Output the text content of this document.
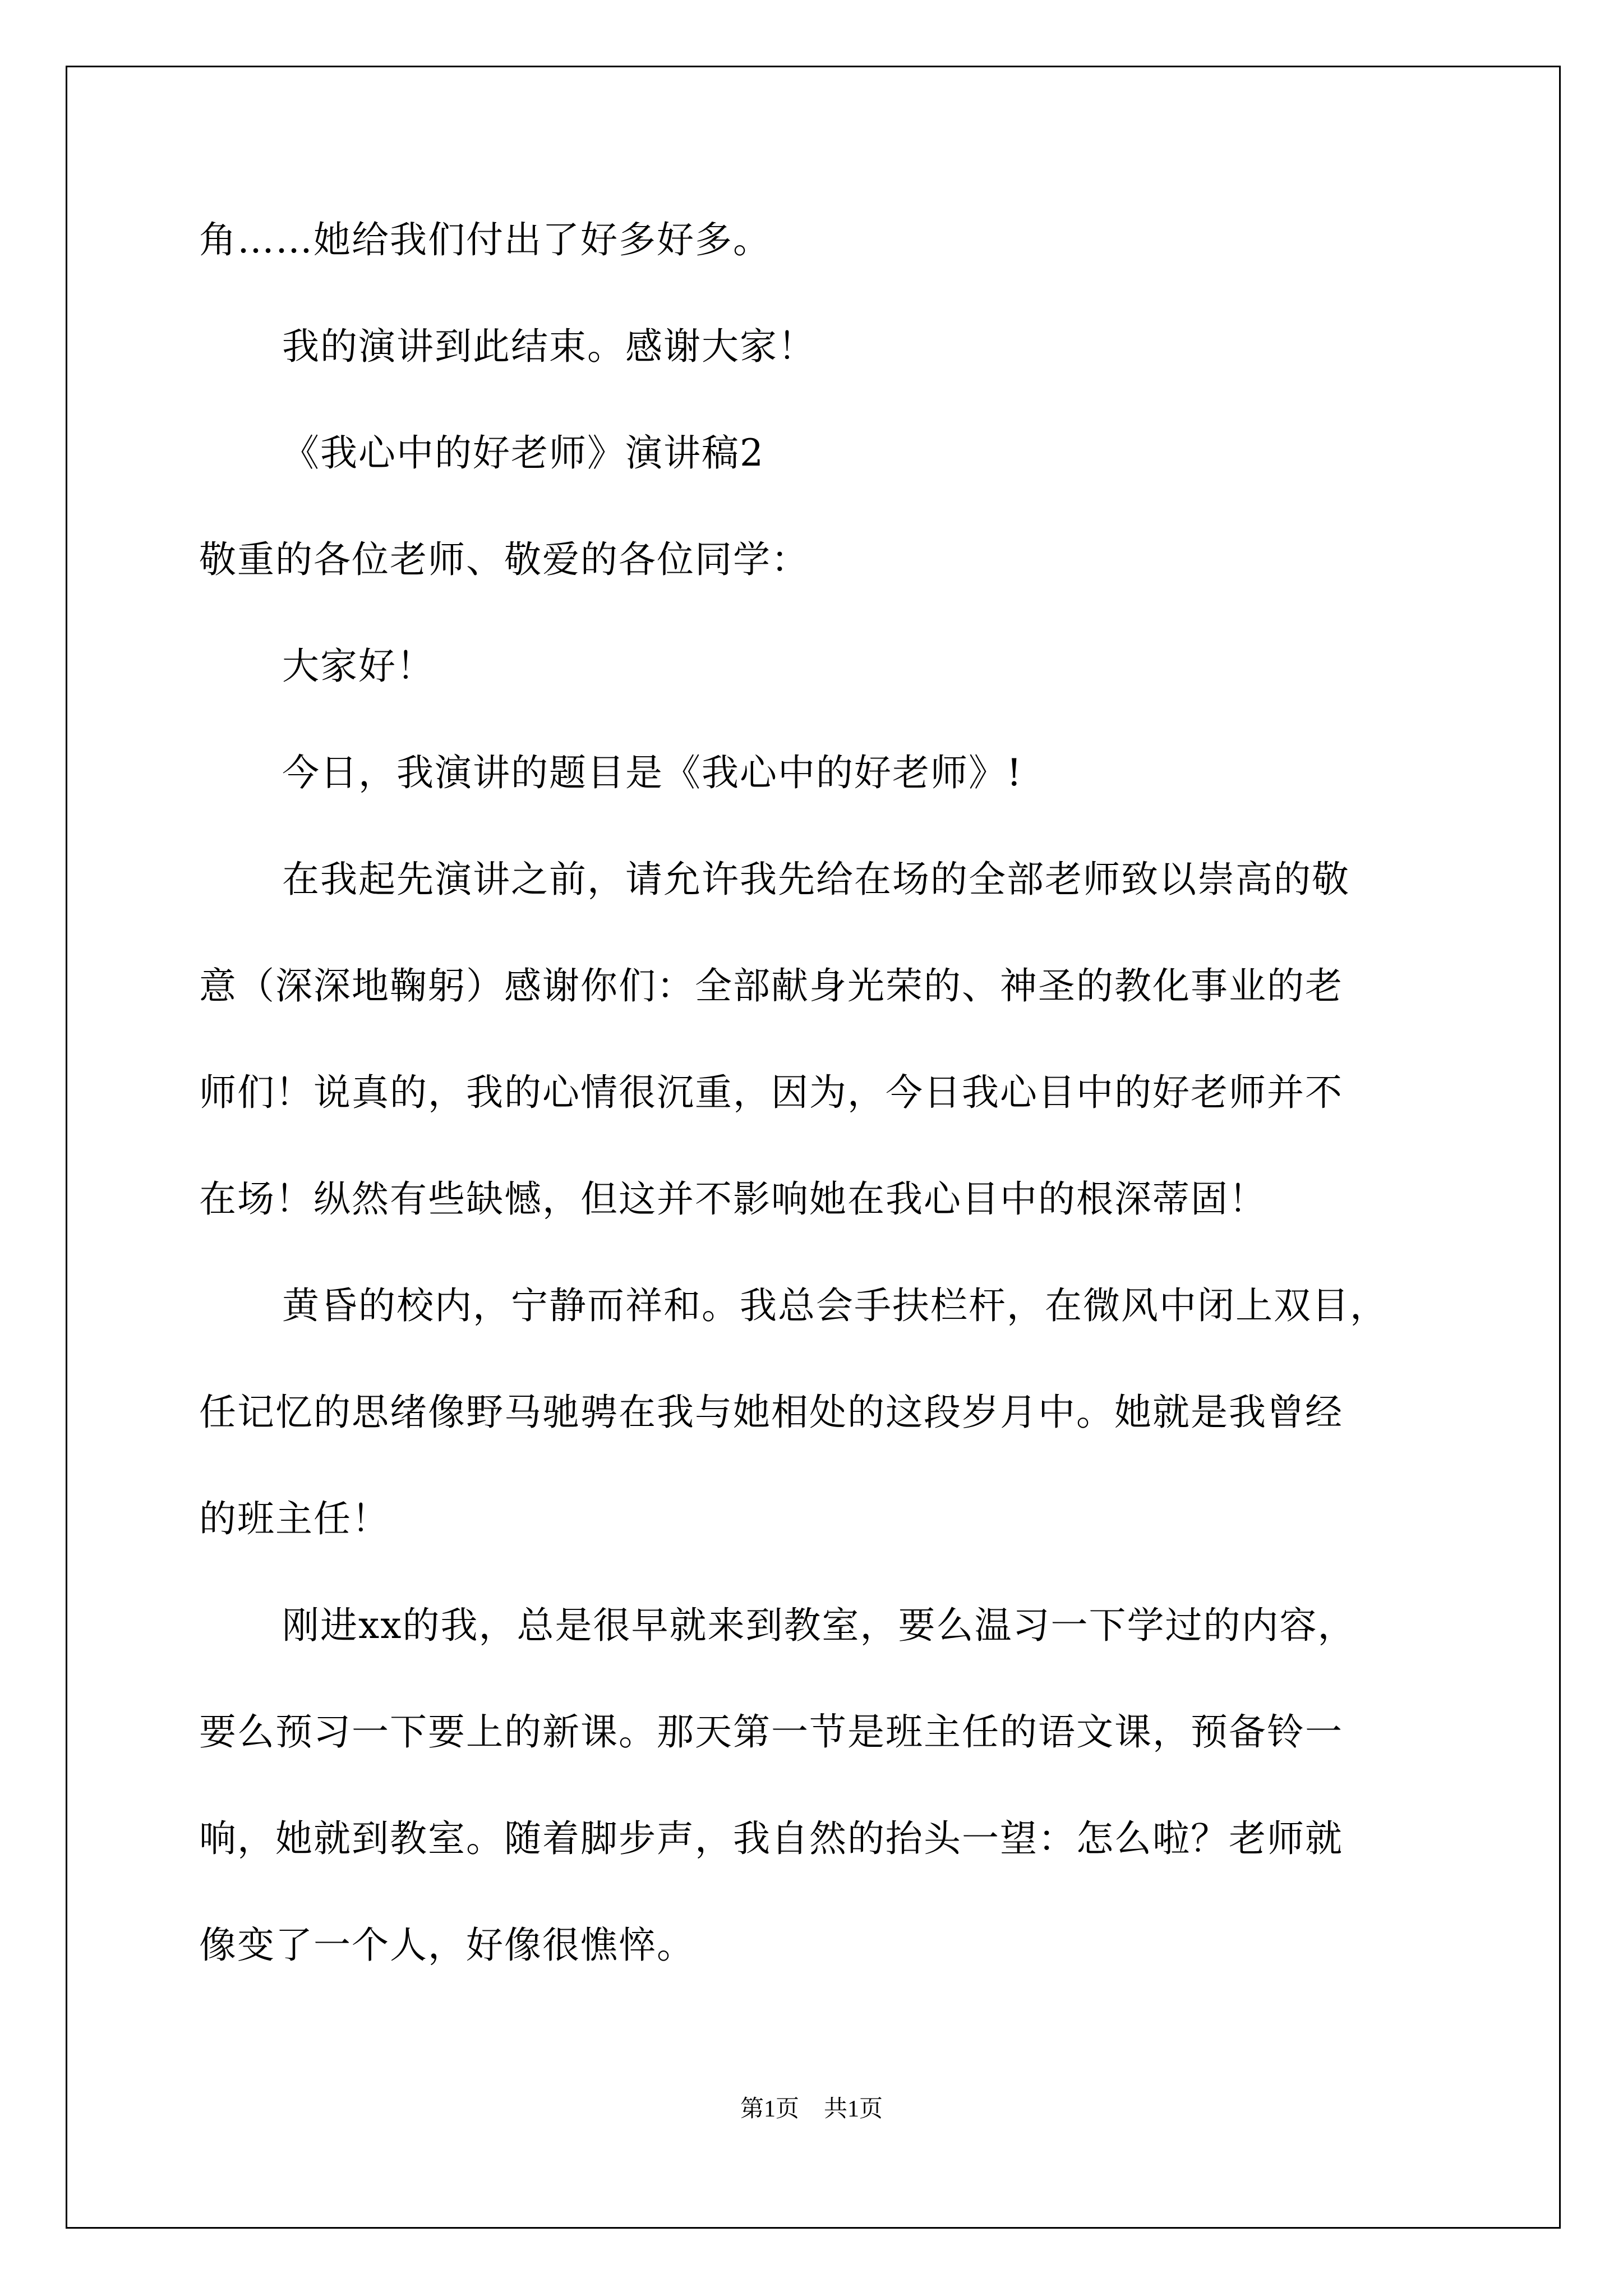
角……她给我们付出了好多好多。

我的演讲到此结束。感谢大家！

《我心中的好老师》演讲稿2

敬重的各位老师、敬爱的各位同学：

大家好！

今日，我演讲的题目是《我心中的好老师》!

在我起先演讲之前，请允许我先给在场的全部老师致以崇高的敬

意（深深地鞠躬）感谢你们：全部献身光荣的、神圣的教化事业的老

师们！说真的，我的心情很沉重，因为，今日我心目中的好老师并不

在场！纵然有些缺憾，但这并不影响她在我心目中的根深蒂固！

黄昏的校内，宁静而祥和。我总会手扶栏杆，在微风中闭上双目，

任记忆的思绪像野马驰骋在我与她相处的这段岁月中。她就是我曾经

的班主任！

刚进xx的我，总是很早就来到教室，要么温习一下学过的内容，

要么预习一下要上的新课。那天第一节是班主任的语文课，预备铃一

响，她就到教室。随着脚步声，我自然的抬头一望：怎么啦？老师就

像变了一个人，好像很憔悴。

第1页 共1页
